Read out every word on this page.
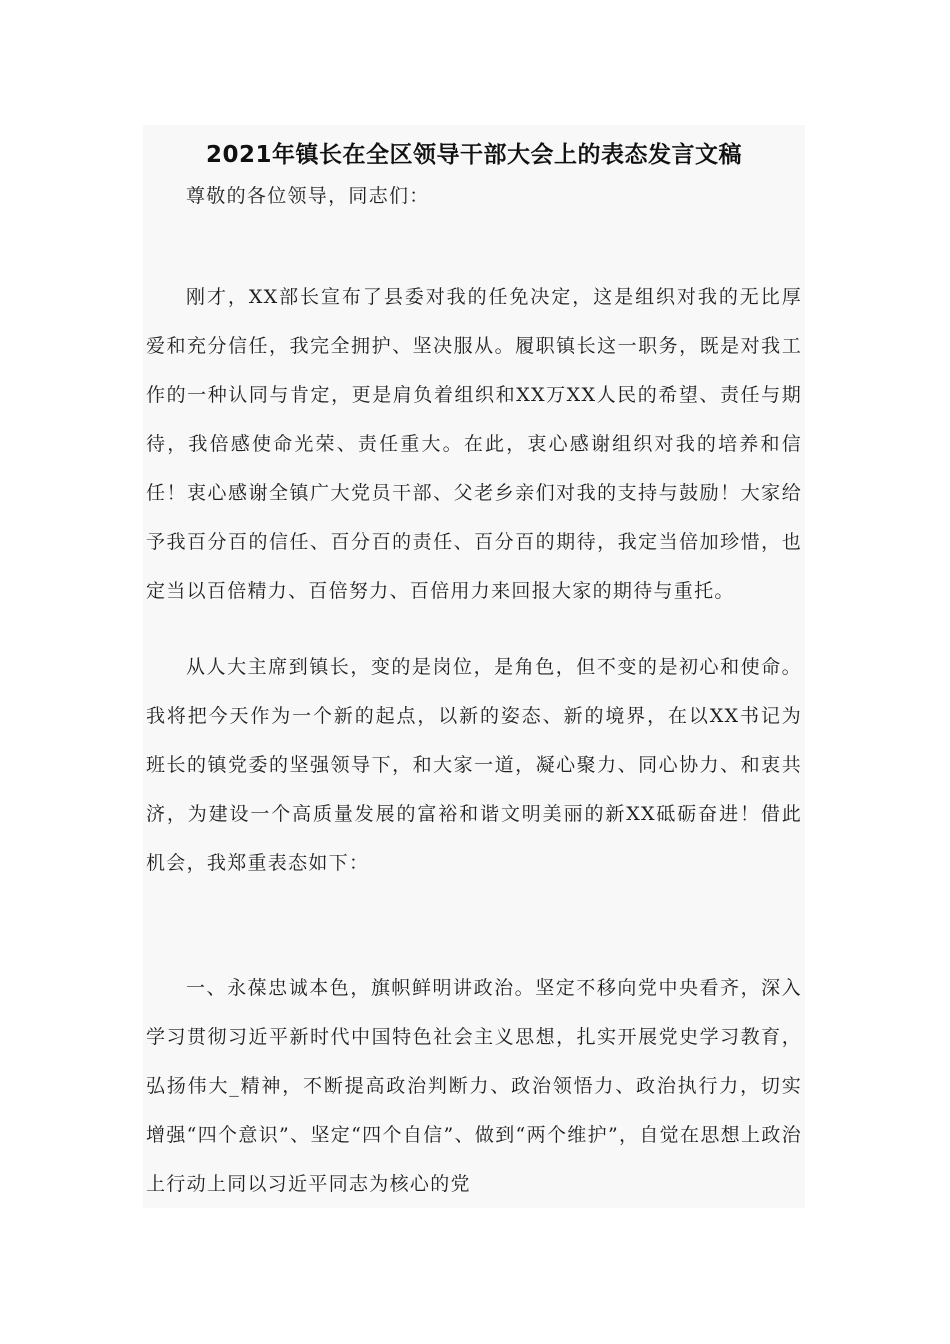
2021年镇长在全区领导干部大会上的表态发言文稿

尊敬的各位领导，同志们：

刚才，XX部长宣布了县委对我的任免决定，这是组织对我的无比厚爱和充分信任，我完全拥护、坚决服从。履职镇长这一职务，既是对我工作的一种认同与肯定，更是肩负着组织和XX万XX人民的希望、责任与期待，我倍感使命光荣、责任重大。在此，衷心感谢组织对我的培养和信任！衷心感谢全镇广大党员干部、父老乡亲们对我的支持与鼓励！大家给予我百分百的信任、百分百的责任、百分百的期待，我定当倍加珍惜，也定当以百倍精力、百倍努力、百倍用力来回报大家的期待与重托。

从人大主席到镇长，变的是岗位，是角色，但不变的是初心和使命。我将把今天作为一个新的起点，以新的姿态、新的境界，在以XX书记为班长的镇党委的坚强领导下，和大家一道，凝心聚力、同心协力、和衷共济，为建设一个高质量发展的富裕和谐文明美丽的新XX砥砺奋进！借此机会，我郑重表态如下：

一、永葆忠诚本色，旗帜鲜明讲政治。坚定不移向党中央看齐，深入学习贯彻习近平新时代中国特色社会主义思想，扎实开展党史学习教育，弘扬伟大_精神，不断提高政治判断力、政治领悟力、政治执行力，切实增强“四个意识”、坚定“四个自信”、做到“两个维护”，自觉在思想上政治上行动上同以习近平同志为核心的党
